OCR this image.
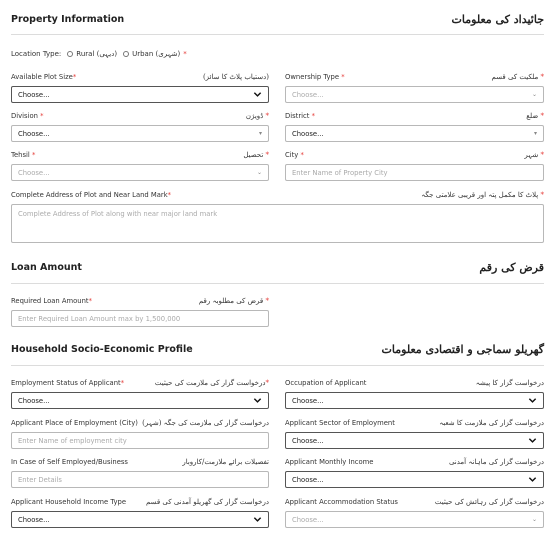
Property Information	جائیداد کی معلومات
Location Type: Rural (دیہی) Urban (شہری) *
Available Plot Size*	(دستیاب پلاٹ کا سائز)
Choose...
Ownership Type *	* ملکیت کی قسم
Choose...	⌄
Division *	* ڈویژن
Choose...	▾
District *	* ضلع
Choose...	▾
Tehsil *	* تحصیل
Choose...	⌄
City *	* شہر
Enter Name of Property City
Complete Address of Plot and Near Land Mark*	* پلاٹ کا مکمل پتہ اور قریبی علامتی جگہ
Complete Address of Plot along with near major land mark
Loan Amount	قرض کی رقم
Required Loan Amount*	* قرض کی مطلوبہ رقم
Enter Required Loan Amount max by 1,500,000
Household Socio-Economic Profile	گھریلو سماجی و اقتصادی معلومات
Employment Status of Applicant*	*درخواست گزار کی ملازمت کی حیثیت
Choose...
Occupation of Applicant	درخواست گزار کا پیشہ
Choose...
Applicant Place of Employment (City) درخواست گزار کی ملازمت کی جگہ (شہر)
Enter Name of employment city
Applicant Sector of Employment	درخواست گزار کی ملازمت کا شعبہ
Choose...
In Case of Self Employed/Business	تفصیلات برائے ملازمت/کاروبار
Enter Details
Applicant Monthly Income	درخواست گزار کی ماہانہ آمدنی
Choose...
Applicant Household Income Type	درخواست گزار کی گھریلو آمدنی کی قسم
Choose...
Applicant Accommodation Status	درخواست گزار کی رہائش کی حیثیت
Choose...	⌄
